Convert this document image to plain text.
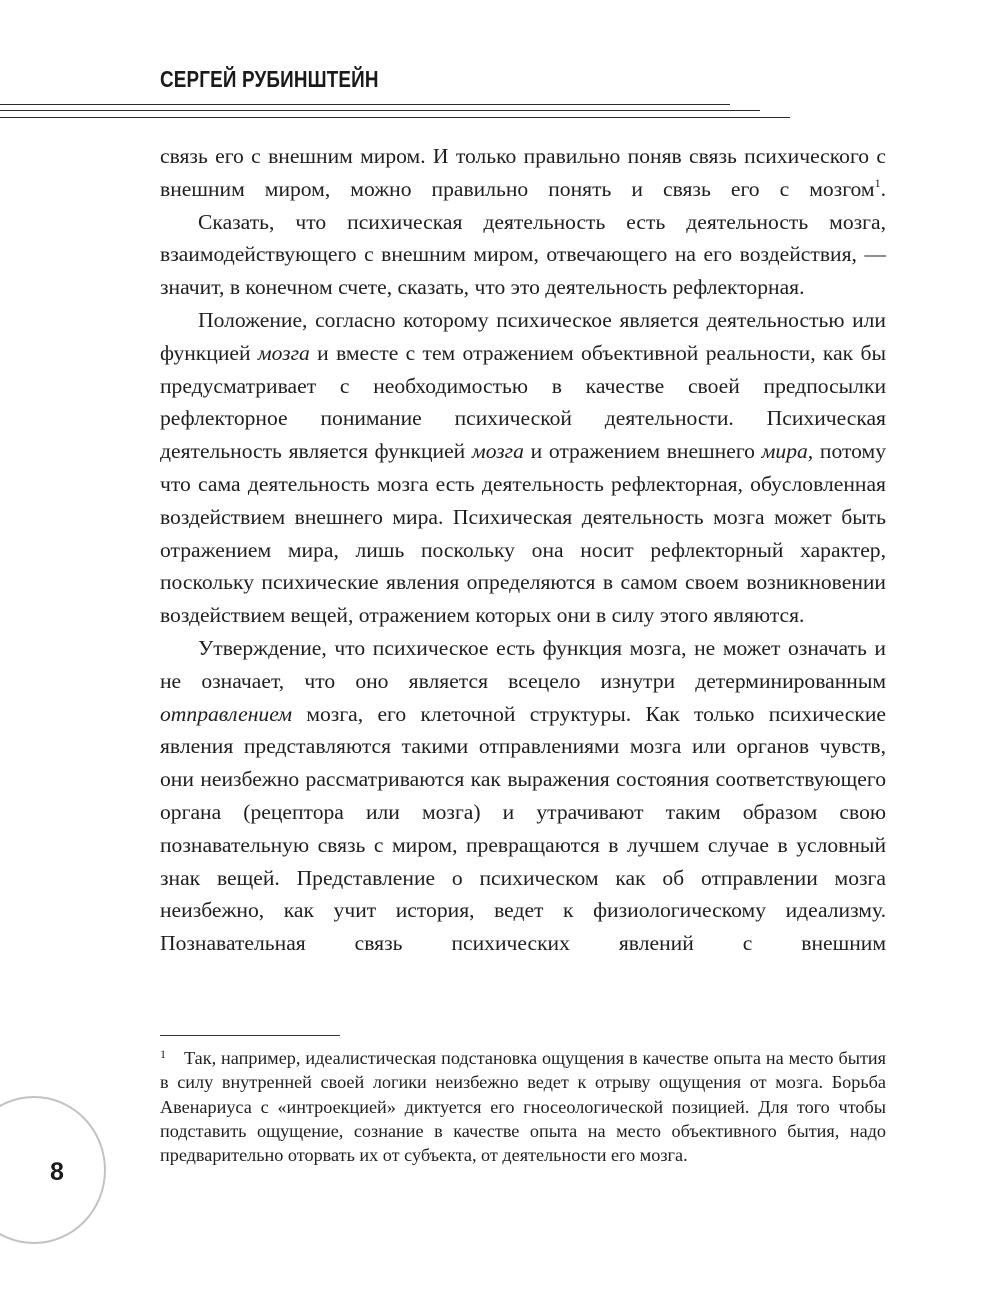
СЕРГЕЙ РУБИНШТЕЙН

связь его с внешним миром. И только правильно поняв связь психического с внешним миром, можно правильно понять и связь его с мозгом$^1$.

Сказать, что психическая деятельность есть деятельность мозга, взаимодействующего с внешним миром, отвечающего на его воздействия, — значит, в конечном счете, сказать, что это деятельность рефлекторная.

Положение, согласно которому психическое является деятельностью или функцией мозга и вместе с тем отражением объективной реальности, как бы предусматривает с необходимостью в качестве своей предпосылки рефлекторное понимание психической деятельности. Психическая деятельность является функцией мозга и отражением внешнего мира, потому что сама деятельность мозга есть деятельность рефлекторная, обусловленная воздействием внешнего мира. Психическая деятельность мозга может быть отражением мира, лишь поскольку она носит рефлекторный характер, поскольку психические явления определяются в самом своем возникновении воздействием вещей, отражением которых они в силу этого являются.

Утверждение, что психическое есть функция мозга, не может означать и не означает, что оно является всецело изнутри детерминированным отправлением мозга, его клеточной структуры. Как только психические явления представляются такими отправлениями мозга или органов чувств, они неизбежно рассматриваются как выражения состояния соответствующего органа (рецептора или мозга) и утрачивают таким образом свою познавательную связь с миром, превращаются в лучшем случае в условный знак вещей. Представление о психическом как об отправлении мозга неизбежно, как учит история, ведет к физиологическому идеализму. Познавательная связь психических явлений с внешним

1 Так, например, идеалистическая подстановка ощущения в качестве опыта на место бытия в силу внутренней своей логики неизбежно ведет к отрыву ощущения от мозга. Борьба Авенариуса с «интроекцией» диктуется его гносеологической позицией. Для того чтобы подставить ощущение, сознание в качестве опыта на место объективного бытия, надо предварительно оторвать их от субъекта, от деятельности его мозга.

8
